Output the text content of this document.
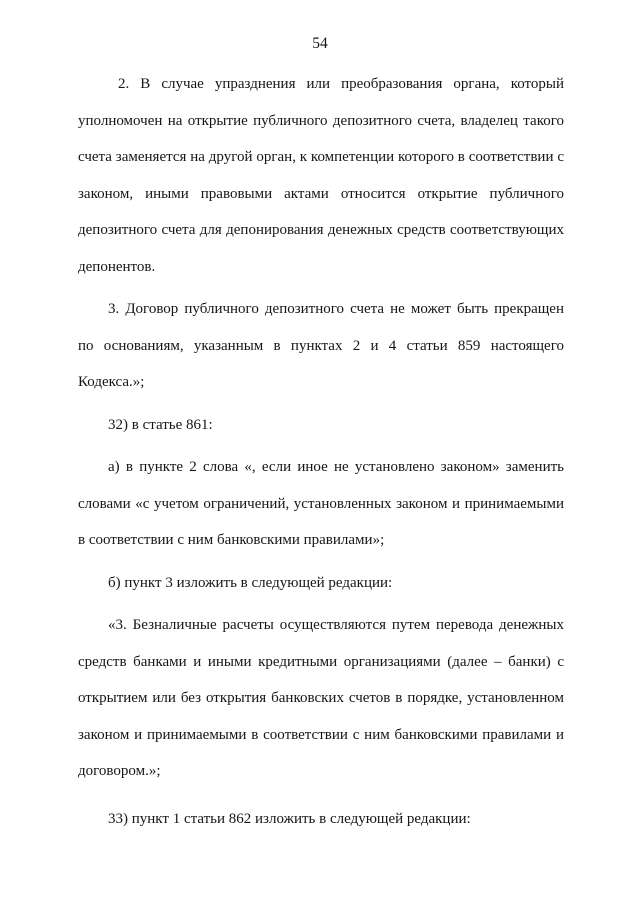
54

2. В случае упразднения или преобразования органа, который уполномочен на открытие публичного депозитного счета, владелец такого счета заменяется на другой орган, к компетенции которого в соответствии с законом, иными правовыми актами относится открытие публичного депозитного счета для депонирования денежных средств соответствующих депонентов.

3. Договор публичного депозитного счета не может быть прекращен по основаниям, указанным в пунктах 2 и 4 статьи 859 настоящего Кодекса.»;

32) в статье 861:

а) в пункте 2 слова «, если иное не установлено законом» заменить словами «с учетом ограничений, установленных законом и принимаемыми в соответствии с ним банковскими правилами»;

б) пункт 3 изложить в следующей редакции:

«3. Безналичные расчеты осуществляются путем перевода денежных средств банками и иными кредитными организациями (далее – банки) с открытием или без открытия банковских счетов в порядке, установленном законом и принимаемыми в соответствии с ним банковскими правилами и договором.»;

33) пункт 1 статьи 862 изложить в следующей редакции:
